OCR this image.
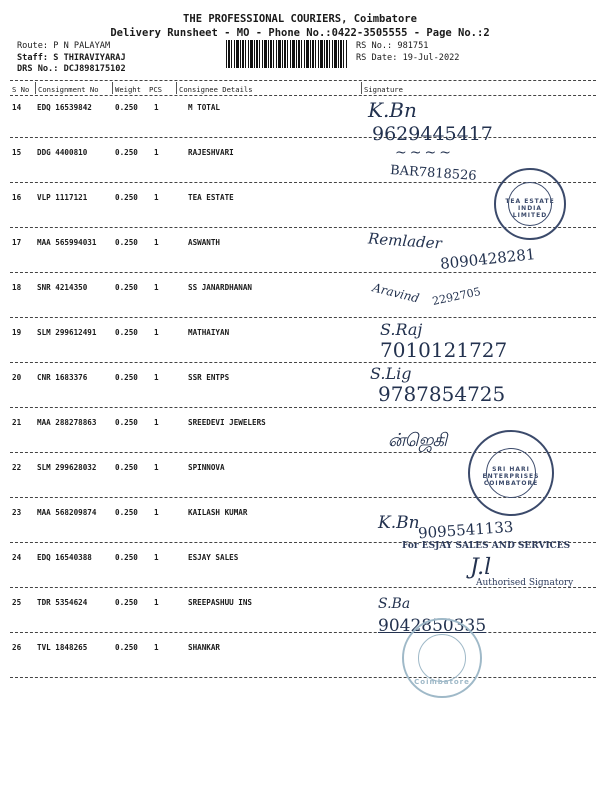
THE PROFESSIONAL COURIERS, Coimbatore
Delivery Runsheet - MO - Phone No.:0422-3505555 - Page No.:2
Route: P N PALAYAM
Staff: S THIRAVIYARAJ
DRS No.: DCJ898175102
RS No.: 981751
RS Date: 19-Jul-2022
S No Consignment No Weight PCS Consignee Details	Signature
14 EDQ 16539842	0.250 1	M TOTAL
15 DDG 4400810	0.250 1	RAJESHVARI
16 VLP 1117121	0.250 1	TEA ESTATE
17 MAA 565994031 0.250 1	ASWANTH
18 SNR 4214350	0.250 1	SS JANARDHANAN
19 SLM 299612491 0.250 1	MATHAIYAN
20 CNR 1683376	0.250 1	SSR ENTPS
21 MAA 288278863 0.250 1	SREEDEVI JEWELERS
22 SLM 299628032 0.250 1	SPINNOVA
23 MAA 568209874 0.250 1	KAILASH KUMAR
24 EDQ 16540388	0.250 1	ESJAY SALES
25 TDR 5354624	0.250 1	SREEPASHUU INS
26 TVL 1848265	0.250 1	SHANKAR
K.Bn
9629445417
~~~~
BAR7818526
Remlader
8090428281
Aravind 2292705
S.Raj
7010121727
S.Lig
9787854725
ன்ஜெகி
K.Bn
9095541133
For ESJAY SALES AND SERVICES
J.l
Authorised Signatory
S.Ba
9042850335
TEA ESTATE INDIA LIMITED
SRI HARI ENTERPRISES COIMBATORE
Coimbatore
